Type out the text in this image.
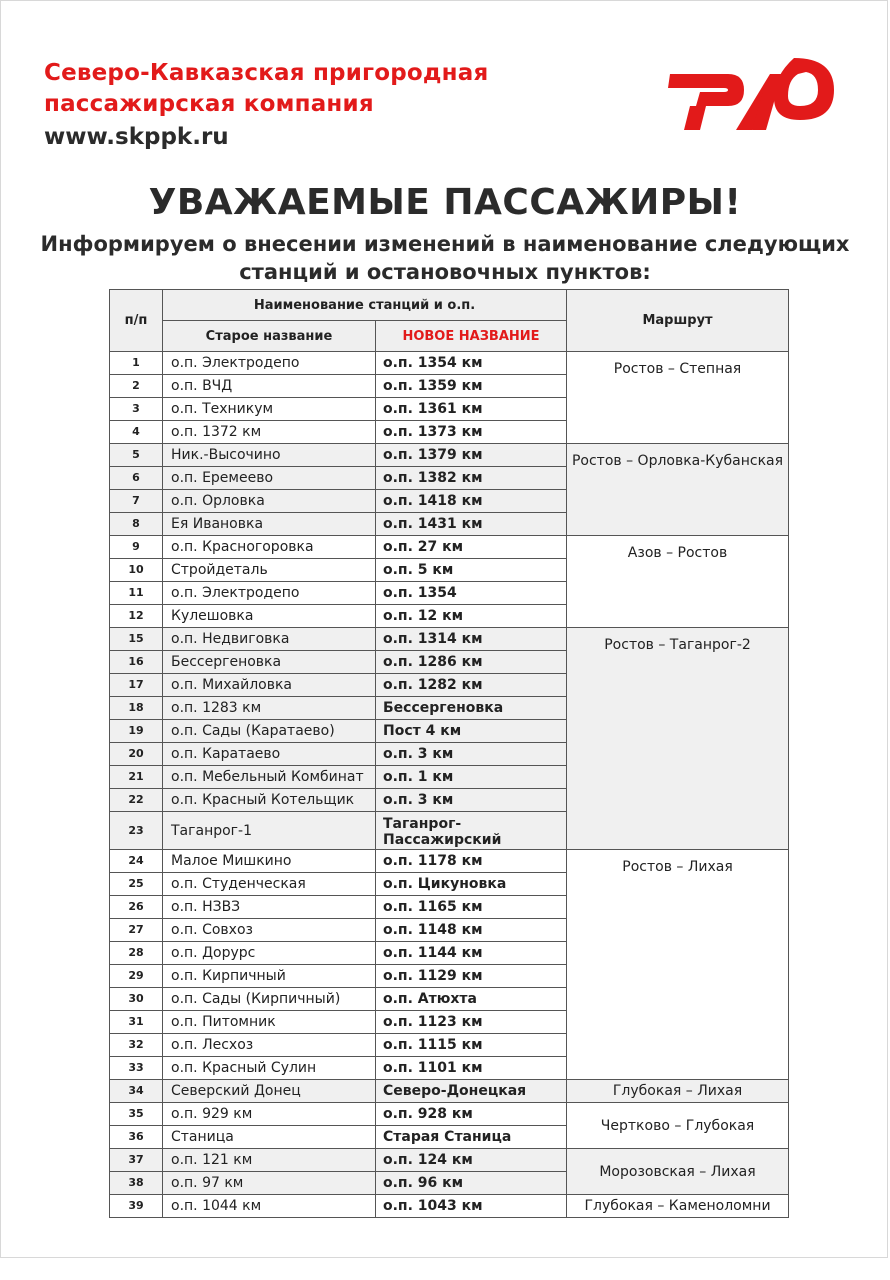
Северо-Кавказская пригородная
пассажирская компания
www.skppk.ru
УВАЖАЕМЫЕ ПАССАЖИРЫ!
Информируем о внесении изменений в наименование следующих
станций и остановочных пунктов:
п/п	Наименование станций и о.п.		Маршрут
	Старое название	НОВОЕ НАЗВАНИЕ	
1	о.п. Электродепо	о.п. 1354 км	Ростов – Степная
2	о.п. ВЧД	о.п. 1359 км	
3	о.п. Техникум	о.п. 1361 км	
4	о.п. 1372 км	о.п. 1373 км	
5	Ник.-Высочино	о.п. 1379 км	Ростов – Орловка-Кубанская
6	о.п. Еремеево	о.п. 1382 км	
7	о.п. Орловка	о.п. 1418 км	
8	Ея Ивановка	о.п. 1431 км	
9	о.п. Красногоровка	о.п. 27 км	Азов – Ростов
10	Стройдеталь	о.п. 5 км	
11	о.п. Электродепо	о.п. 1354	
12	Кулешовка	о.п. 12 км	
15	о.п. Недвиговка	о.п. 1314 км	Ростов – Таганрог-2
16	Бессергеновка	о.п. 1286 км	
17	о.п. Михайловка	о.п. 1282 км	
18	о.п. 1283 км	Бессергеновка	
19	о.п. Сады (Каратаево)	Пост 4 км	
20	о.п. Каратаево	о.п. 3 км	
21	о.п. Мебельный Комбинат	о.п. 1 км	
22	о.п. Красный Котельщик	о.п. 3 км	
23	Таганрог-1	Таганрог-Пассажирский	
24	Малое Мишкино	о.п. 1178 км	Ростов – Лихая
25	о.п. Студенческая	о.п. Цикуновка	
26	о.п. НЗВЗ	о.п. 1165 км	
27	о.п. Совхоз	о.п. 1148 км	
28	о.п. Дорурс	о.п. 1144 км	
29	о.п. Кирпичный	о.п. 1129 км	
30	о.п. Сады (Кирпичный)	о.п. Атюхта	
31	о.п. Питомник	о.п. 1123 км	
32	о.п. Лесхоз	о.п. 1115 км	
33	о.п. Красный Сулин	о.п. 1101 км	
34	Северский Донец	Северо-Донецкая	Глубокая – Лихая
35	о.п. 929 км	о.п. 928 км	Чертково – Глубокая
36	Станица	Старая Станица	
37	о.п. 121 км	о.п. 124 км	Морозовская – Лихая
38	о.п. 97 км	о.п. 96 км	
39	о.п. 1044 км	о.п. 1043 км	Глубокая – Каменоломни
